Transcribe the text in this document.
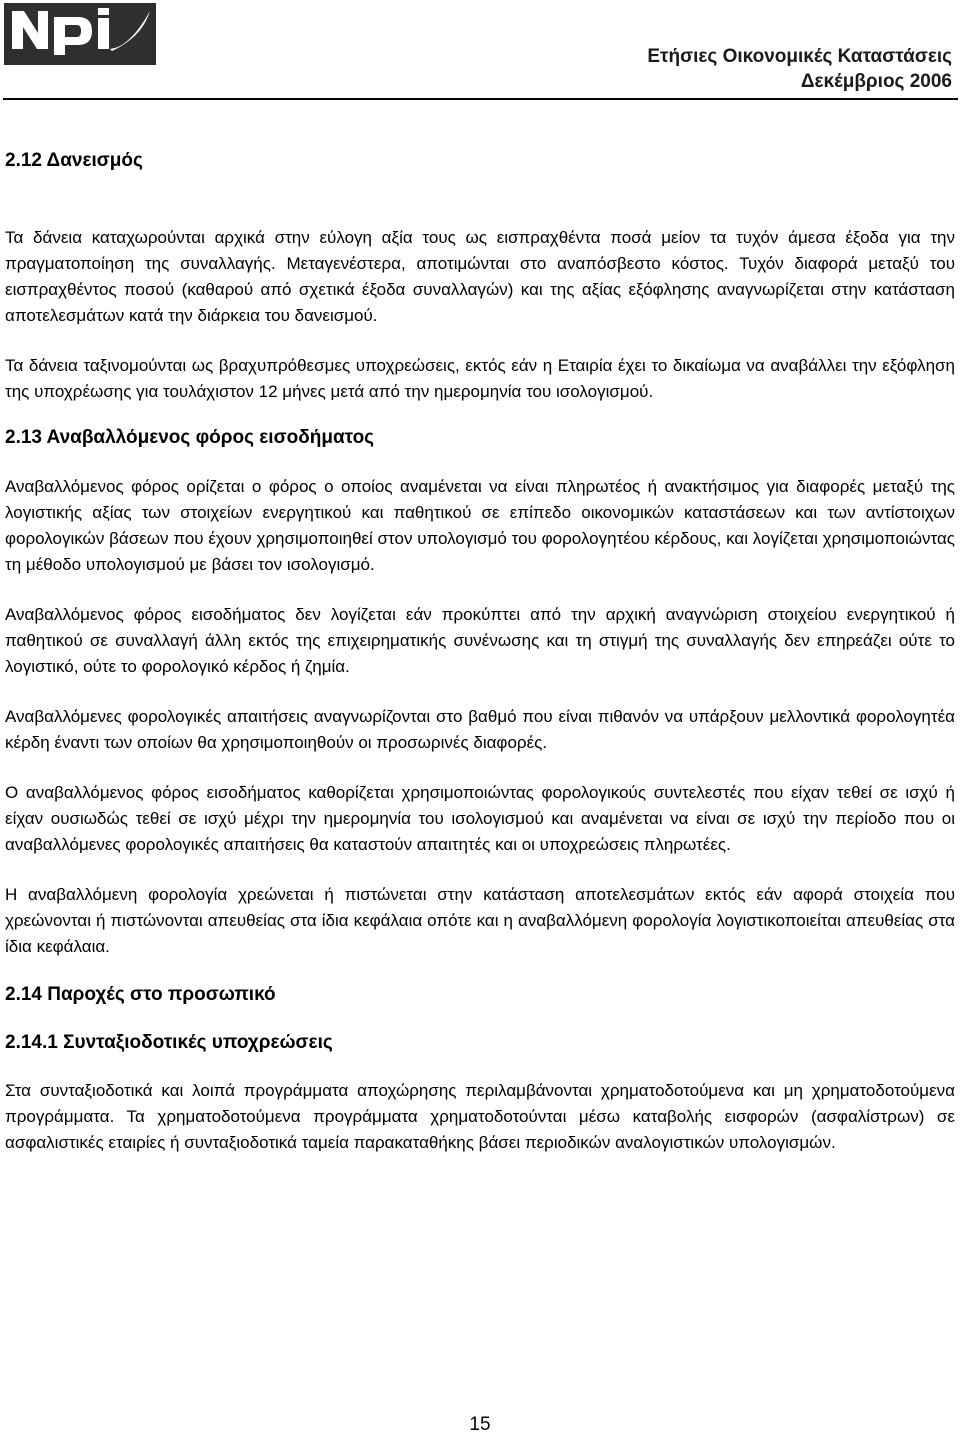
Ετήσιες Οικονομικές Καταστάσεις
Δεκέμβριος 2006
2.12 Δανεισμός

Τα δάνεια καταχωρούνται αρχικά στην εύλογη αξία τους ως εισπραχθέντα ποσά μείον τα τυχόν άμεσα έξοδα για την πραγματοποίηση της συναλλαγής. Μεταγενέστερα, αποτιμώνται στο αναπόσβεστο κόστος. Τυχόν διαφορά μεταξύ του εισπραχθέντος ποσού (καθαρού από σχετικά έξοδα συναλλαγών) και της αξίας εξόφλησης αναγνωρίζεται στην κατάσταση αποτελεσμάτων κατά την διάρκεια του δανεισμού.

Τα δάνεια ταξινομούνται ως βραχυπρόθεσμες υποχρεώσεις, εκτός εάν η Εταιρία έχει το δικαίωμα να αναβάλλει την εξόφληση της υποχρέωσης για τουλάχιστον 12 μήνες μετά από την ημερομηνία του ισολογισμού.

2.13 Αναβαλλόμενος φόρος εισοδήματος

Αναβαλλόμενος φόρος ορίζεται ο φόρος ο οποίος αναμένεται να είναι πληρωτέος ή ανακτήσιμος για διαφορές μεταξύ της λογιστικής αξίας των στοιχείων ενεργητικού και παθητικού σε επίπεδο οικονομικών καταστάσεων και των αντίστοιχων φορολογικών βάσεων που έχουν χρησιμοποιηθεί στον υπολογισμό του φορολογητέου κέρδους, και λογίζεται χρησιμοποιώντας τη μέθοδο υπολογισμού με βάσει τον ισολογισμό.

Αναβαλλόμενος φόρος εισοδήματος δεν λογίζεται εάν προκύπτει από την αρχική αναγνώριση στοιχείου ενεργητικού ή παθητικού σε συναλλαγή άλλη εκτός της επιχειρηματικής συνένωσης και τη στιγμή της συναλλαγής δεν επηρεάζει ούτε το λογιστικό, ούτε το φορολογικό κέρδος ή ζημία.

Αναβαλλόμενες φορολογικές απαιτήσεις αναγνωρίζονται στο βαθμό που είναι πιθανόν να υπάρξουν μελλοντικά φορολογητέα κέρδη έναντι των οποίων θα χρησιμοποιηθούν οι προσωρινές διαφορές.

Ο αναβαλλόμενος φόρος εισοδήματος καθορίζεται χρησιμοποιώντας φορολογικούς συντελεστές που είχαν τεθεί σε ισχύ ή είχαν ουσιωδώς τεθεί σε ισχύ μέχρι την ημερομηνία του ισολογισμού και αναμένεται να είναι σε ισχύ την περίοδο που οι αναβαλλόμενες φορολογικές απαιτήσεις θα καταστούν απαιτητές και οι υποχρεώσεις πληρωτέες.

Η αναβαλλόμενη φορολογία χρεώνεται ή πιστώνεται στην κατάσταση αποτελεσμάτων εκτός εάν αφορά στοιχεία που χρεώνονται ή πιστώνονται απευθείας στα ίδια κεφάλαια οπότε και η αναβαλλόμενη φορολογία λογιστικοποιείται απευθείας στα ίδια κεφάλαια.

2.14 Παροχές στο προσωπικό
2.14.1 Συνταξιοδοτικές υποχρεώσεις

Στα συνταξιοδοτικά και λοιπά προγράμματα αποχώρησης περιλαμβάνονται χρηματοδοτούμενα και μη χρηματοδοτούμενα προγράμματα. Τα χρηματοδοτούμενα προγράμματα χρηματοδοτούνται μέσω καταβολής εισφορών (ασφαλίστρων) σε ασφαλιστικές εταιρίες ή συνταξιοδοτικά ταμεία παρακαταθήκης βάσει περιοδικών αναλογιστικών υπολογισμών.

15
